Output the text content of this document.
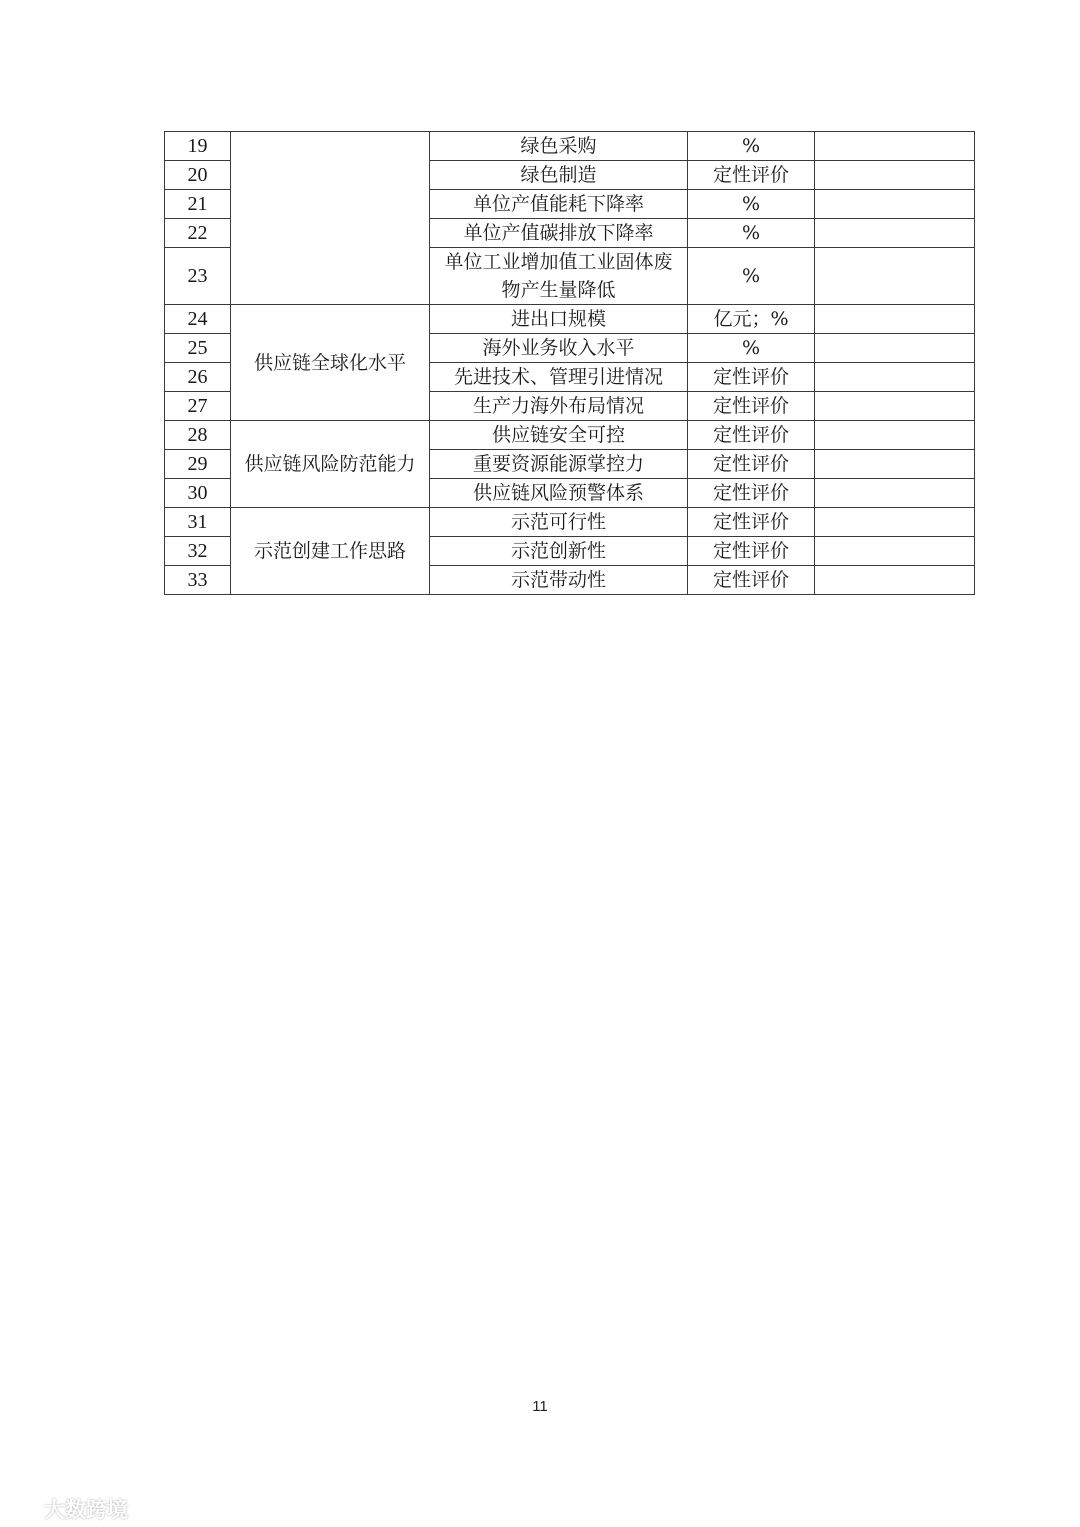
19		绿色采购	%	
20		绿色制造	定性评价	
21		单位产值能耗下降率	%	
22		单位产值碳排放下降率	%	
23		单位工业增加值工业固体废物产生量降低	%	
24	供应链全球化水平	进出口规模	亿元；%	
25		海外业务收入水平	%	
26		先进技术、管理引进情况	定性评价	
27		生产力海外布局情况	定性评价	
28	供应链风险防范能力	供应链安全可控	定性评价	
29		重要资源能源掌控力	定性评价	
30		供应链风险预警体系	定性评价	
31	示范创建工作思路	示范可行性	定性评价	
32		示范创新性	定性评价	
33		示范带动性	定性评价	
11
大数跨境
